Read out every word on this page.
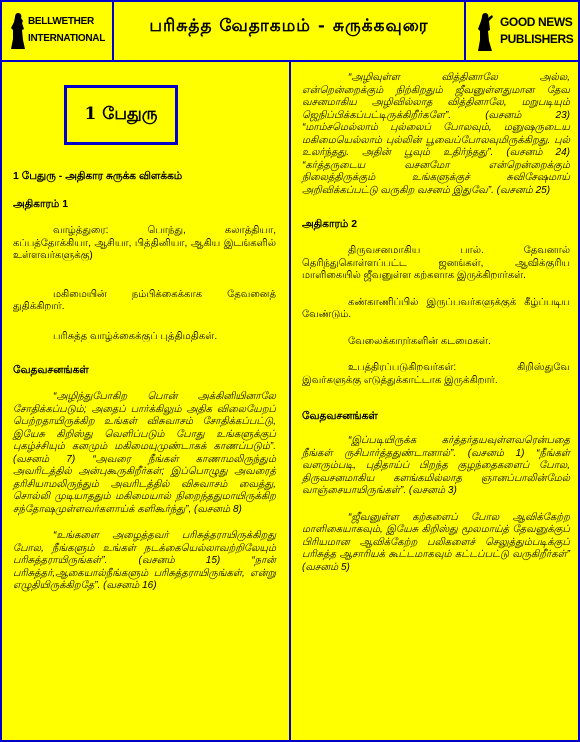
BELLWETHER
INTERNATIONAL
பரிசுத்த வேதாகமம் - சுருக்கவுரை	GOOD NEWS
PUBLISHERS
1 பேதுரு
1 பேதுரு - அதிகார சுருக்க விளக்கம்
அதிகாரம் 1
வாழ்த்துரை: பொந்து, கலாத்தியா, கப்பத்தோக்கியா, ஆசியா, பித்தினியா, ஆகிய இடங்களில் உள்ளவர்களுக்கு)
மகிமையின் நம்பிக்கைக்காக தேவனைத் துதிக்கிறார்.
பரிசுத்த வாழ்க்கைக்குப் புத்திமதிகள்.
வேதவசனங்கள்
“அழிந்துபோகிற பொன் அக்கினியினாலே சோதிக்கப்படும்; அதைப் பார்க்கிலும் அதிக விலையேறப் பெற்றதாயிருக்கிற உங்கள் விசுவாசம் சோதிக்கப்பட்டு, இயேசு கிறிஸ்து வெளிப்படும் போது உங்களுக்குப் புகழ்ச்சியும் கனமும் மகிமையுமுண்டாகக் காணப்படும்”. (வசனம் 7) “அவரை நீங்கள் காணாமலிருந்தும் அவரிடத்தில் அன்புகூருகிறீர்கள்; இப்பொழுது அவரைத் தரிசியாமலிருந்தும் அவரிடத்தில் விசுவாசம் வைத்து, சொல்லி முடியாததும் மகிமையால் நிறைந்ததுமாயிருக்கிற சந்தோஷமுள்ளவர்களாய்க் களிகூர்ந்து”, (வசனம் 8)
“உங்களை அழைத்தவர் பரிசுத்தராயிருக்கிறது போல, நீங்களும் உங்கள் நடக்கையெல்லாவற்றிலேயும் பரிசுத்தராயிருங்கள்”. (வசனம் 15) “நான் பரிசுத்தர்,ஆகையால்நீங்களும் பரிசுத்தராயிருங்கள், என்று எழுதியிருக்கிறதே”. (வசனம் 16)
“அழிவுள்ள வித்தினாலே அல்ல, என்றென்றைக்கும் நிற்கிறதும் ஜீவனுள்ளதுமான தேவ வசனமாகிய அழிவில்லாத வித்தினாலே, மறுபடியும் ஜெநிப்பிக்கப்பட்டிருக்கிறீர்களே”. (வசனம் 23) “மாம்சமெல்லாம் புல்லைப் போலவும், மனுஷருடைய மகிமையெல்லாம் புல்லின் பூவைப்போலவுமிருக்கிறது. புல் உலர்ந்தது. அதின் பூவும் உதிர்ந்தது”. (வசனம் 24) “கர்த்தருடைய வசனமோ என்றென்றைக்கும் நிலைத்திருக்கும் உங்களுக்குச் சுவிசேஷமாய் அறிவிக்கப்பட்டு வருகிற வசனம் இதுவே”. (வசனம் 25)
அதிகாரம் 2
திருவசனமாகிய பால். தேவனால் தெரிந்துகொள்ளப்பட்ட ஜனங்கள், ஆவிக்குரிய மாளிகையில் ஜீவனுள்ள கற்களாக இருக்கிறார்கள்.
கண்காணிப்பில் இருப்பவர்களுக்குக் கீழ்ப்படிய வேண்டும்.
வேலைக்காரர்களின் கடமைகள்.
உபத்திரப்படுகிறவர்கள்: கிறிஸ்துவே இவர்களுக்கு எடுத்துக்காட்டாக இருக்கிறார்.
வேதவசனங்கள்
“இப்படியிருக்க கர்த்தர்தயவுள்ளவரென்பதை நீங்கள் ருசிபார்த்ததுண்டானால்”. (வசனம் 1) “நீங்கள் வளரும்படி, புதிதாய்ப் பிறந்த குழந்தைகளைப் போல, திருவசனமாகிய களங்கமில்லாத ஞானப்பாலின்மேல் வாஞ்சையாயிருங்கள்”. (வசனம் 3)
“ஜீவனுள்ள கற்களைப் போல ஆவிக்கேற்ற மாளிகையாகவும், இயேசு கிறிஸ்து மூலமாய்த் தேவனுக்குப் பிரியமான ஆவிக்கேற்ற பலிகளைச் செலுத்தும்படிக்குப் பரிசுத்த ஆசாரியக் கூட்டமாகவும் கட்டப்பட்டு வருகிறீர்கள்” (வசனம் 5)
